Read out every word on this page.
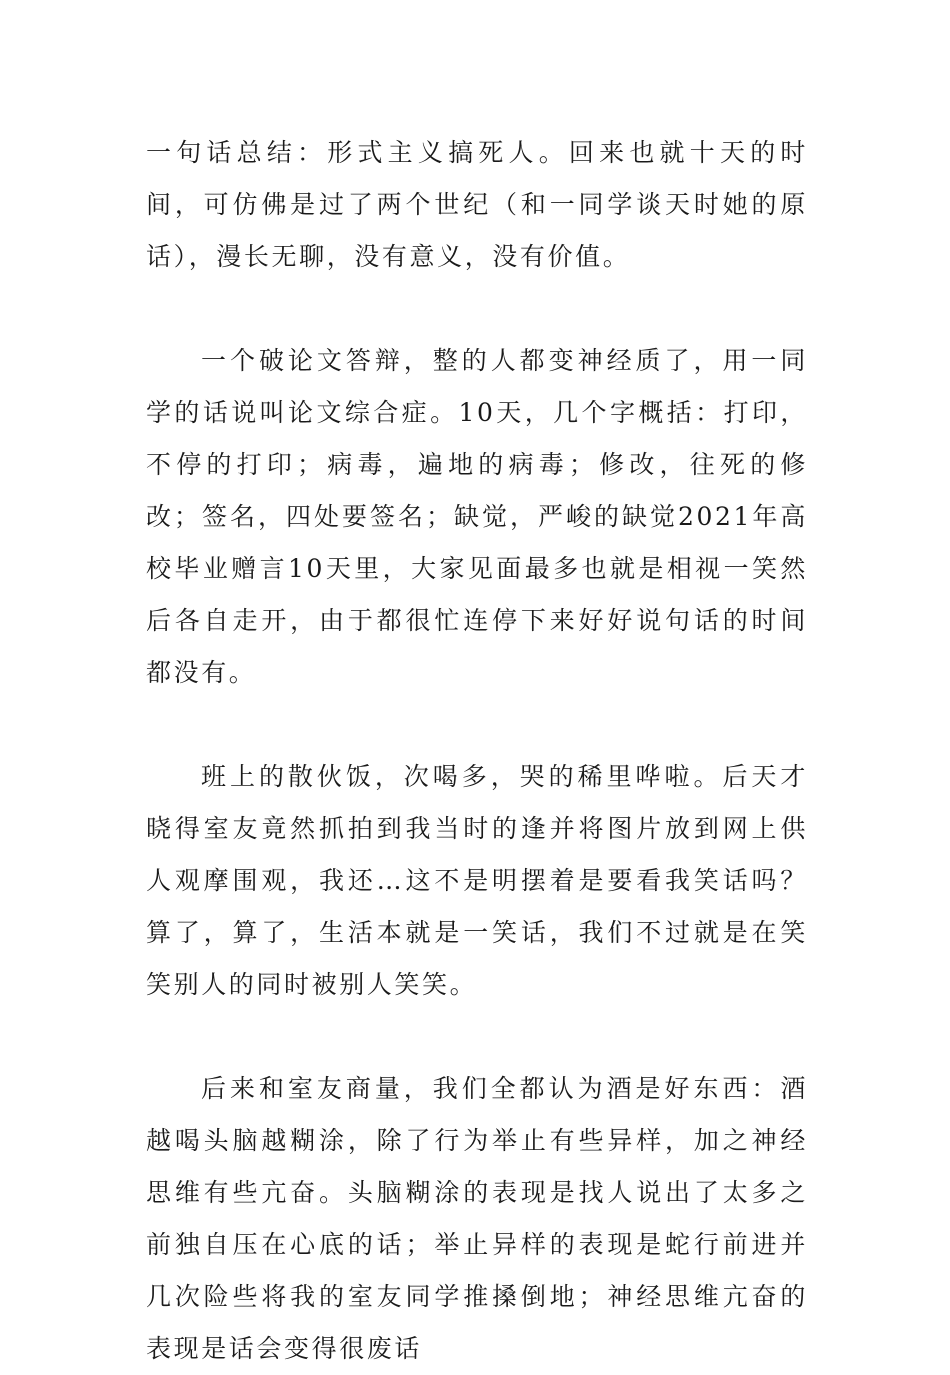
一句话总结：形式主义搞死人。回来也就十天的时间，可仿佛是过了两个世纪（和一同学谈天时她的原话），漫长无聊，没有意义，没有价值。

一个破论文答辩，整的人都变神经质了，用一同学的话说叫论文综合症。10天，几个字概括：打印，不停的打印；病毒，遍地的病毒；修改，往死的修改；签名，四处要签名；缺觉，严峻的缺觉2021年高校毕业赠言10天里，大家见面最多也就是相视一笑然后各自走开，由于都很忙连停下来好好说句话的时间都没有。

班上的散伙饭，次喝多，哭的稀里哗啦。后天才晓得室友竟然抓拍到我当时的逢并将图片放到网上供人观摩围观，我还…这不是明摆着是要看我笑话吗？算了，算了，生活本就是一笑话，我们不过就是在笑笑别人的同时被别人笑笑。

后来和室友商量，我们全都认为酒是好东西：酒越喝头脑越糊涂，除了行为举止有些异样，加之神经思维有些亢奋。头脑糊涂的表现是找人说出了太多之前独自压在心底的话；举止异样的表现是蛇行前进并几次险些将我的室友同学推搡倒地；神经思维亢奋的表现是话会变得很废话
